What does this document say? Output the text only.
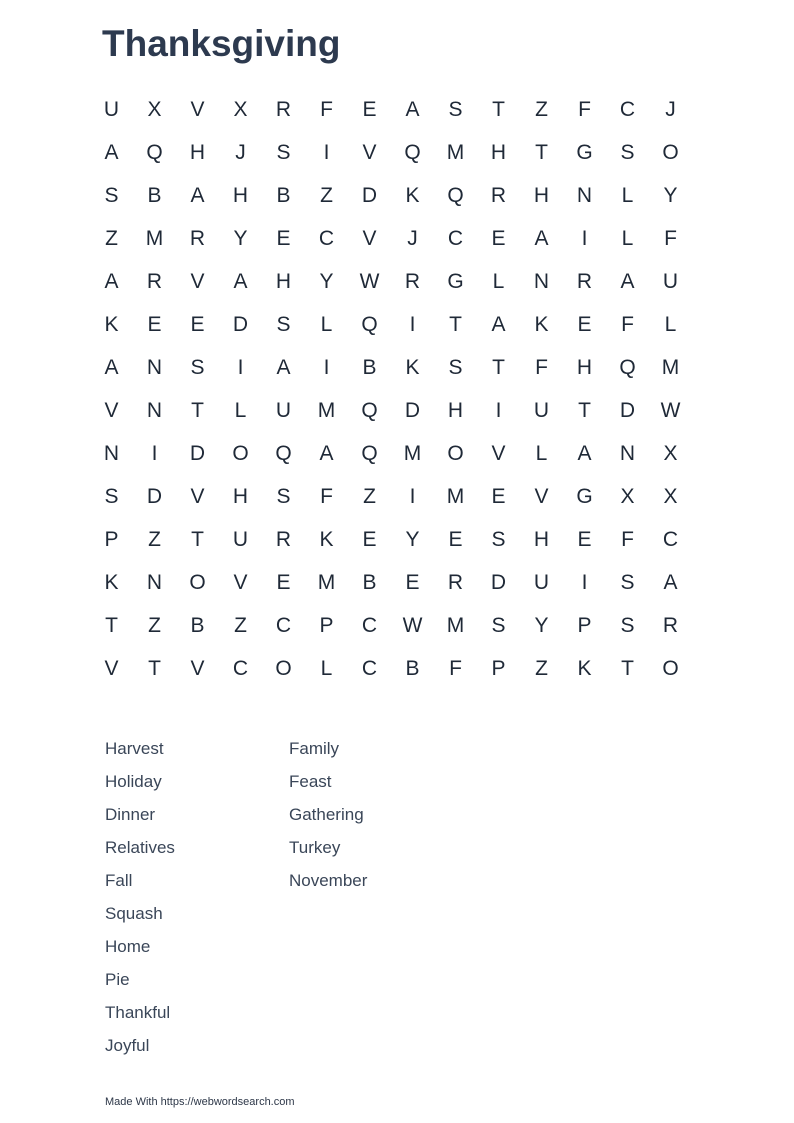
Thanksgiving
U	X	V	X	R	F	E	A	S	T	Z	F	C	J
A	Q	H	J	S	I	V	Q	M	H	T	G	S	O
S	B	A	H	B	Z	D	K	Q	R	H	N	L	Y
Z	M	R	Y	E	C	V	J	C	E	A	I	L	F
A	R	V	A	H	Y	W	R	G	L	N	R	A	U
K	E	E	D	S	L	Q	I	T	A	K	E	F	L
A	N	S	I	A	I	B	K	S	T	F	H	Q	M
V	N	T	L	U	M	Q	D	H	I	U	T	D	W
N	I	D	O	Q	A	Q	M	O	V	L	A	N	X
S	D	V	H	S	F	Z	I	M	E	V	G	X	X
P	Z	T	U	R	K	E	Y	E	S	H	E	F	C
K	N	O	V	E	M	B	E	R	D	U	I	S	A
T	Z	B	Z	C	P	C	W	M	S	Y	P	S	R
V	T	V	C	O	L	C	B	F	P	Z	K	T	O
Harvest
Holiday
Dinner
Relatives
Fall
Squash
Home
Pie
Thankful
Joyful
Family
Feast
Gathering
Turkey
November
Made With https://webwordsearch.com
